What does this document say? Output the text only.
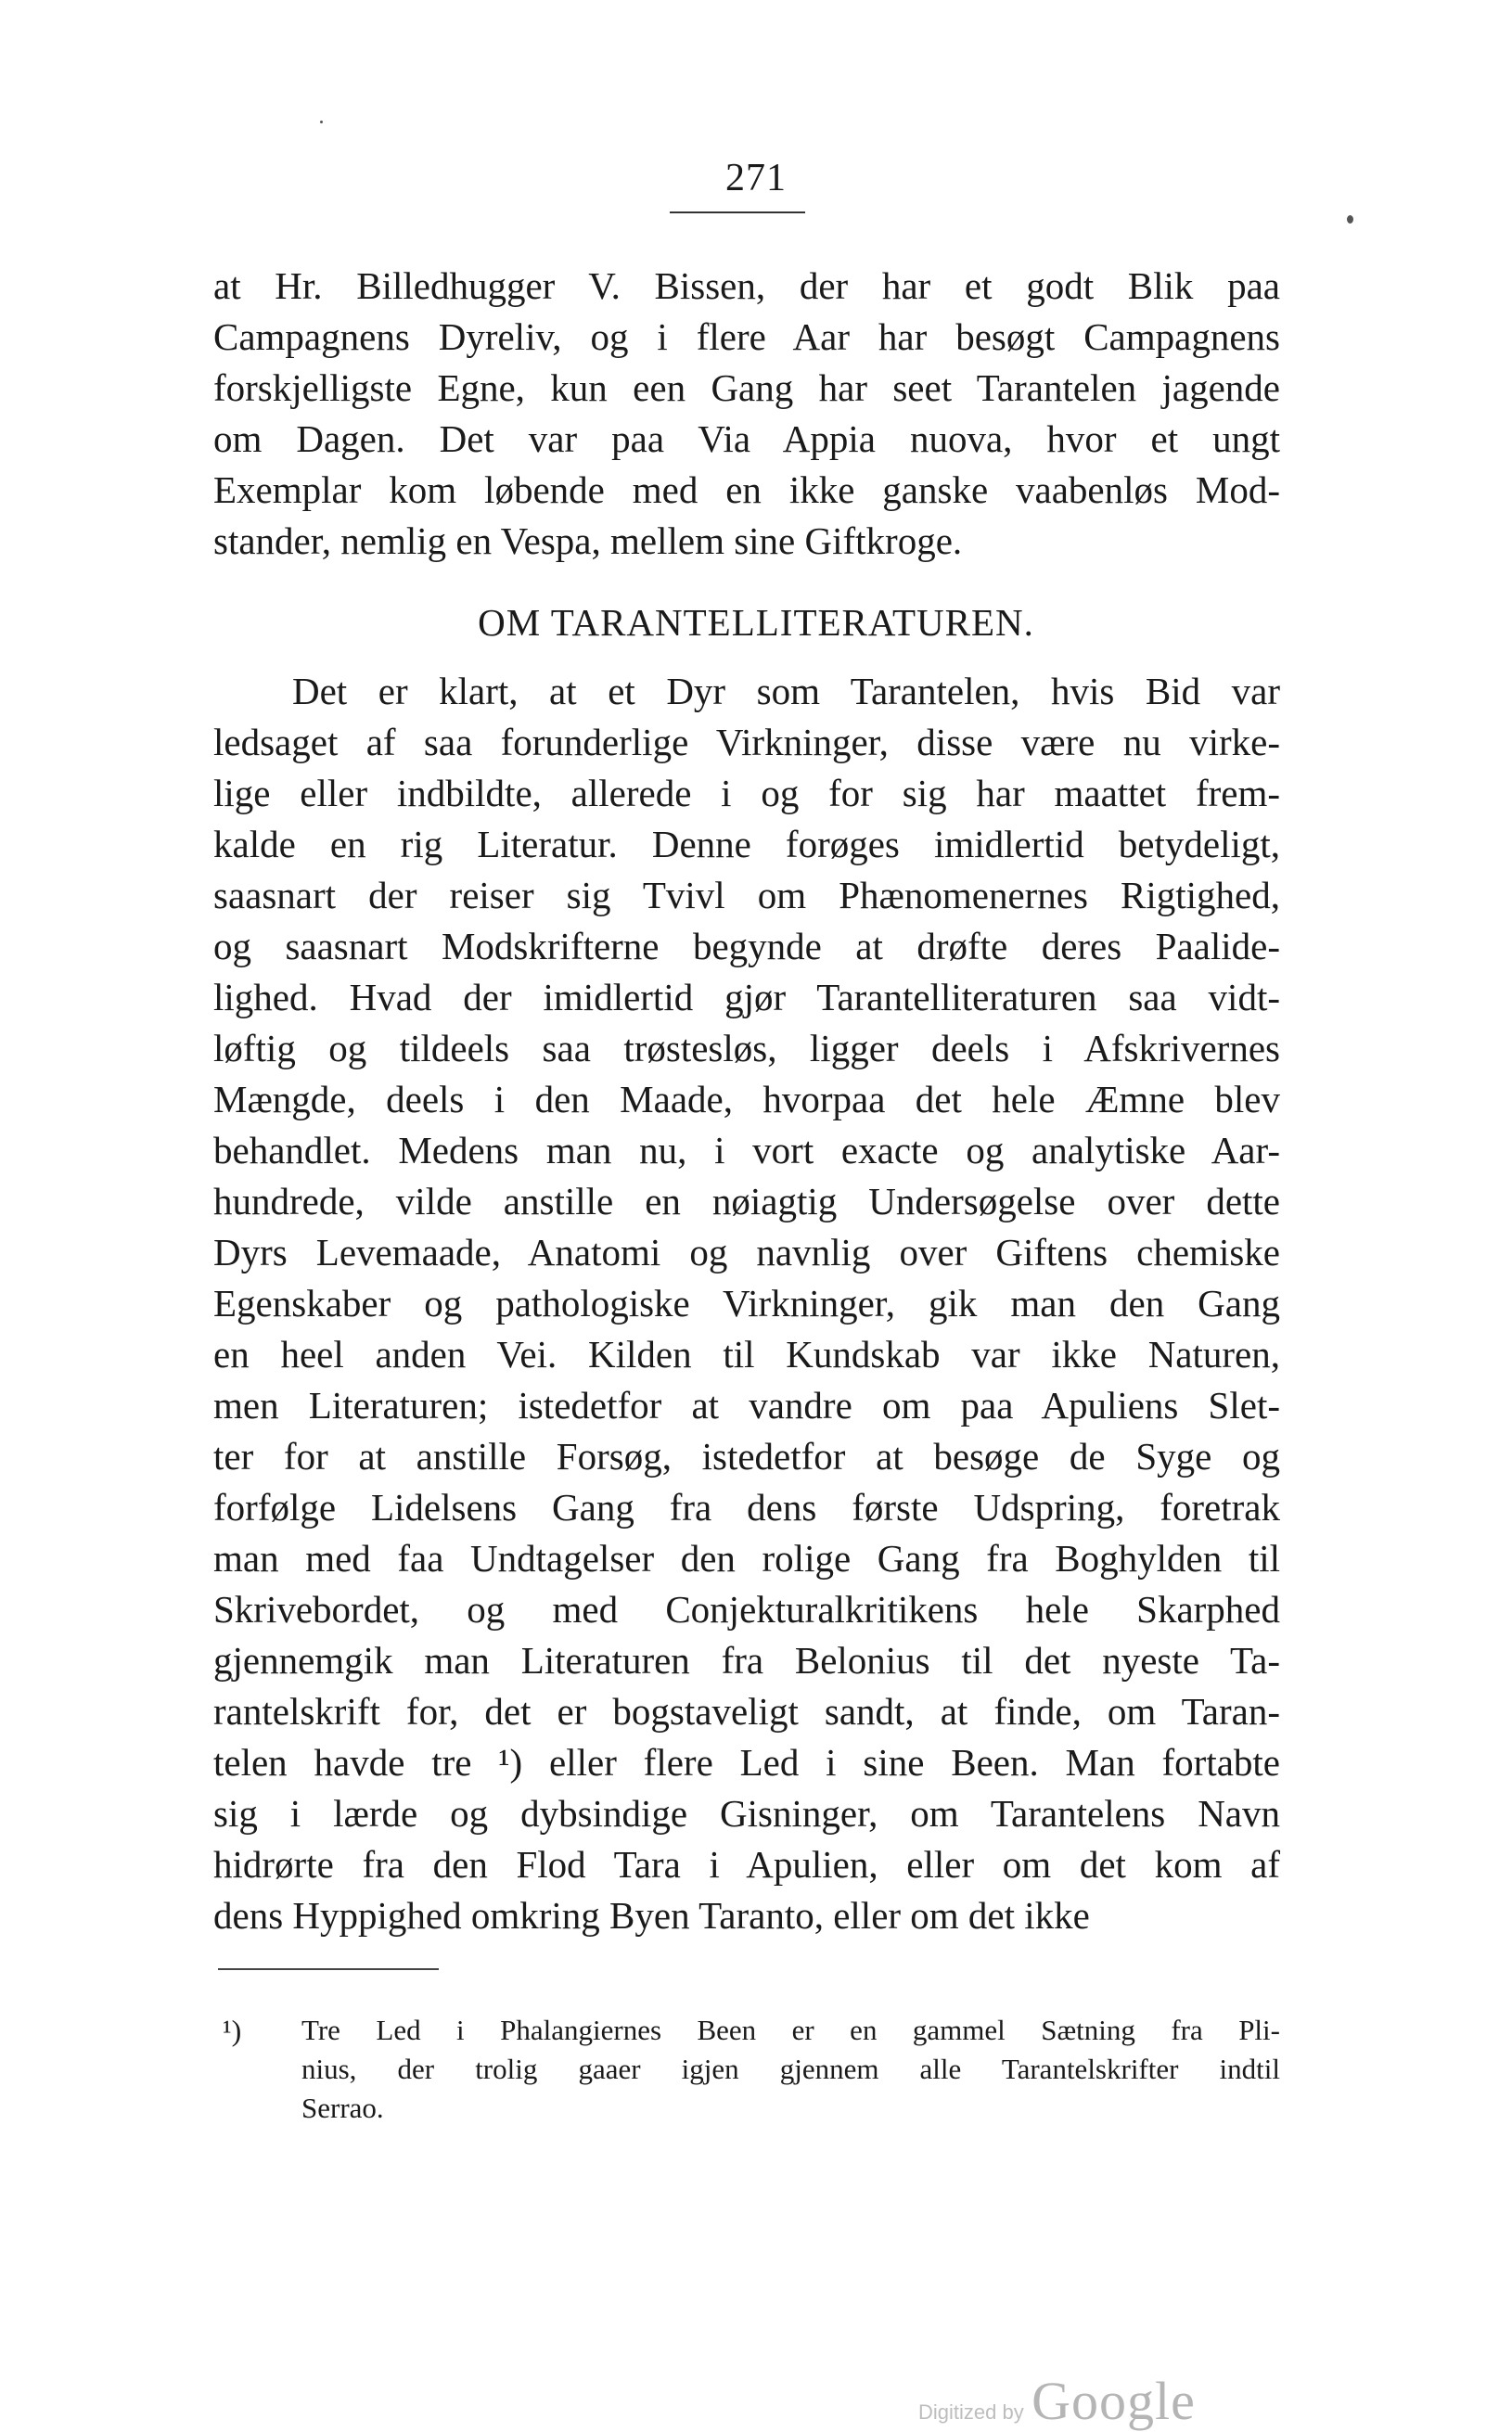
271
at Hr. Billedhugger V. Bissen, der har et godt Blik paa
Campagnens Dyreliv, og i flere Aar har besøgt Campagnens
forskjelligste Egne, kun een Gang har seet Tarantelen jagende
om Dagen. Det var paa Via Appia nuova, hvor et ungt
Exemplar kom løbende med en ikke ganske vaabenløs Mod-
stander, nemlig en Vespa, mellem sine Giftkroge.
OM TARANTELLITERATUREN.
Det er klart, at et Dyr som Tarantelen, hvis Bid var
ledsaget af saa forunderlige Virkninger, disse være nu virke-
lige eller indbildte, allerede i og for sig har maattet frem-
kalde en rig Literatur. Denne forøges imidlertid betydeligt,
saasnart der reiser sig Tvivl om Phænomenernes Rigtighed,
og saasnart Modskrifterne begynde at drøfte deres Paalide-
lighed. Hvad der imidlertid gjør Tarantelliteraturen saa vidt-
løftig og tildeels saa trøstesløs, ligger deels i Afskrivernes
Mængde, deels i den Maade, hvorpaa det hele Æmne blev
behandlet. Medens man nu, i vort exacte og analytiske Aar-
hundrede, vilde anstille en nøiagtig Undersøgelse over dette
Dyrs Levemaade, Anatomi og navnlig over Giftens chemiske
Egenskaber og pathologiske Virkninger, gik man den Gang
en heel anden Vei. Kilden til Kundskab var ikke Naturen,
men Literaturen; istedetfor at vandre om paa Apuliens Slet-
ter for at anstille Forsøg, istedetfor at besøge de Syge og
forfølge Lidelsens Gang fra dens første Udspring, foretrak
man med faa Undtagelser den rolige Gang fra Boghylden til
Skrivebordet, og med Conjekturalkritikens hele Skarphed
gjennemgik man Literaturen fra Belonius til det nyeste Ta-
rantelskrift for, det er bogstaveligt sandt, at finde, om Taran-
telen havde tre ¹) eller flere Led i sine Been. Man fortabte
sig i lærde og dybsindige Gisninger, om Tarantelens Navn
hidrørte fra den Flod Tara i Apulien, eller om det kom af
dens Hyppighed omkring Byen Taranto, eller om det ikke
¹) Tre Led i Phalangiernes Been er en gammel Sætning fra Pli-
nius, der trolig gaaer igjen gjennem alle Tarantelskrifter indtil
Serrao.
Digitized by Google
